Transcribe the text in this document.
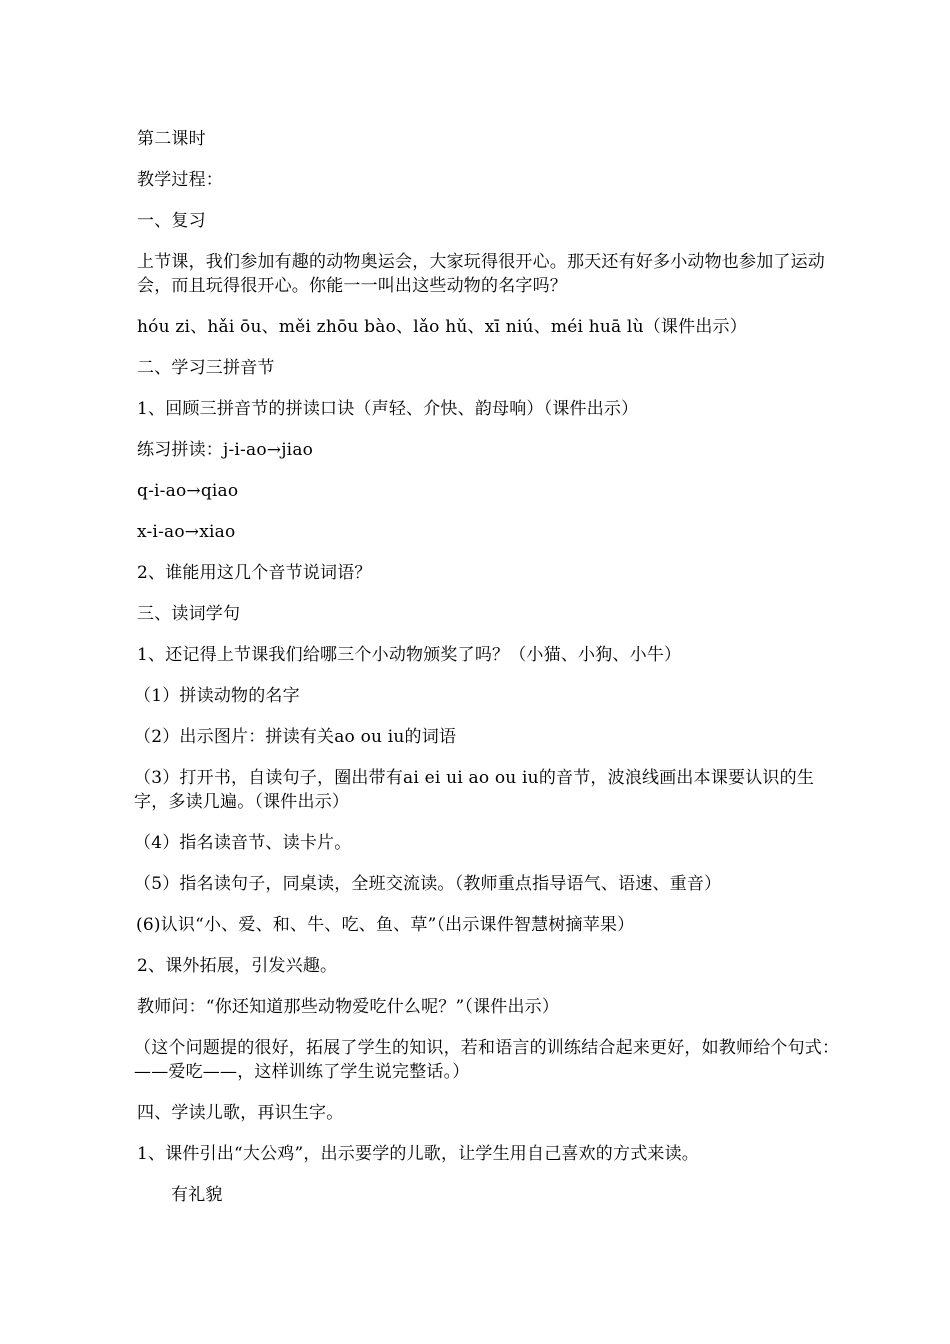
第二课时
教学过程：
一、复习
上节课，我们参加有趣的动物奥运会，大家玩得很开心。那天还有好多小动物也参加了运动会，而且玩得很开心。你能一一叫出这些动物的名字吗？
hóu zi、hǎi ōu、měi zhōu bào、lǎo hǔ、xī niú、méi huā lù（课件出示）
二、学习三拼音节
1、回顾三拼音节的拼读口诀（声轻、介快、韵母响）（课件出示）
练习拼读：j-i-ao→jiao
q-i-ao→qiao
x-i-ao→xiao
2、谁能用这几个音节说词语？
三、读词学句
1、还记得上节课我们给哪三个小动物颁奖了吗？（小猫、小狗、小牛）
（1）拼读动物的名字
（2）出示图片：拼读有关ao ou iu的词语
（3）打开书，自读句子，圈出带有ai ei ui ao ou iu的音节，波浪线画出本课要认识的生字，多读几遍。（课件出示）
（4）指名读音节、读卡片。
（5）指名读句子，同桌读，全班交流读。（教师重点指导语气、语速、重音）
(6)认识“小、爱、和、牛、吃、鱼、草”（出示课件智慧树摘苹果）
2、课外拓展，引发兴趣。
教师问：“你还知道那些动物爱吃什么呢？”（课件出示）
（这个问题提的很好，拓展了学生的知识，若和语言的训练结合起来更好，如教师给个句式：——爱吃——，这样训练了学生说完整话。）
四、学读儿歌，再识生字。
1、课件引出“大公鸡”，出示要学的儿歌，让学生用自己喜欢的方式来读。
有礼貌
